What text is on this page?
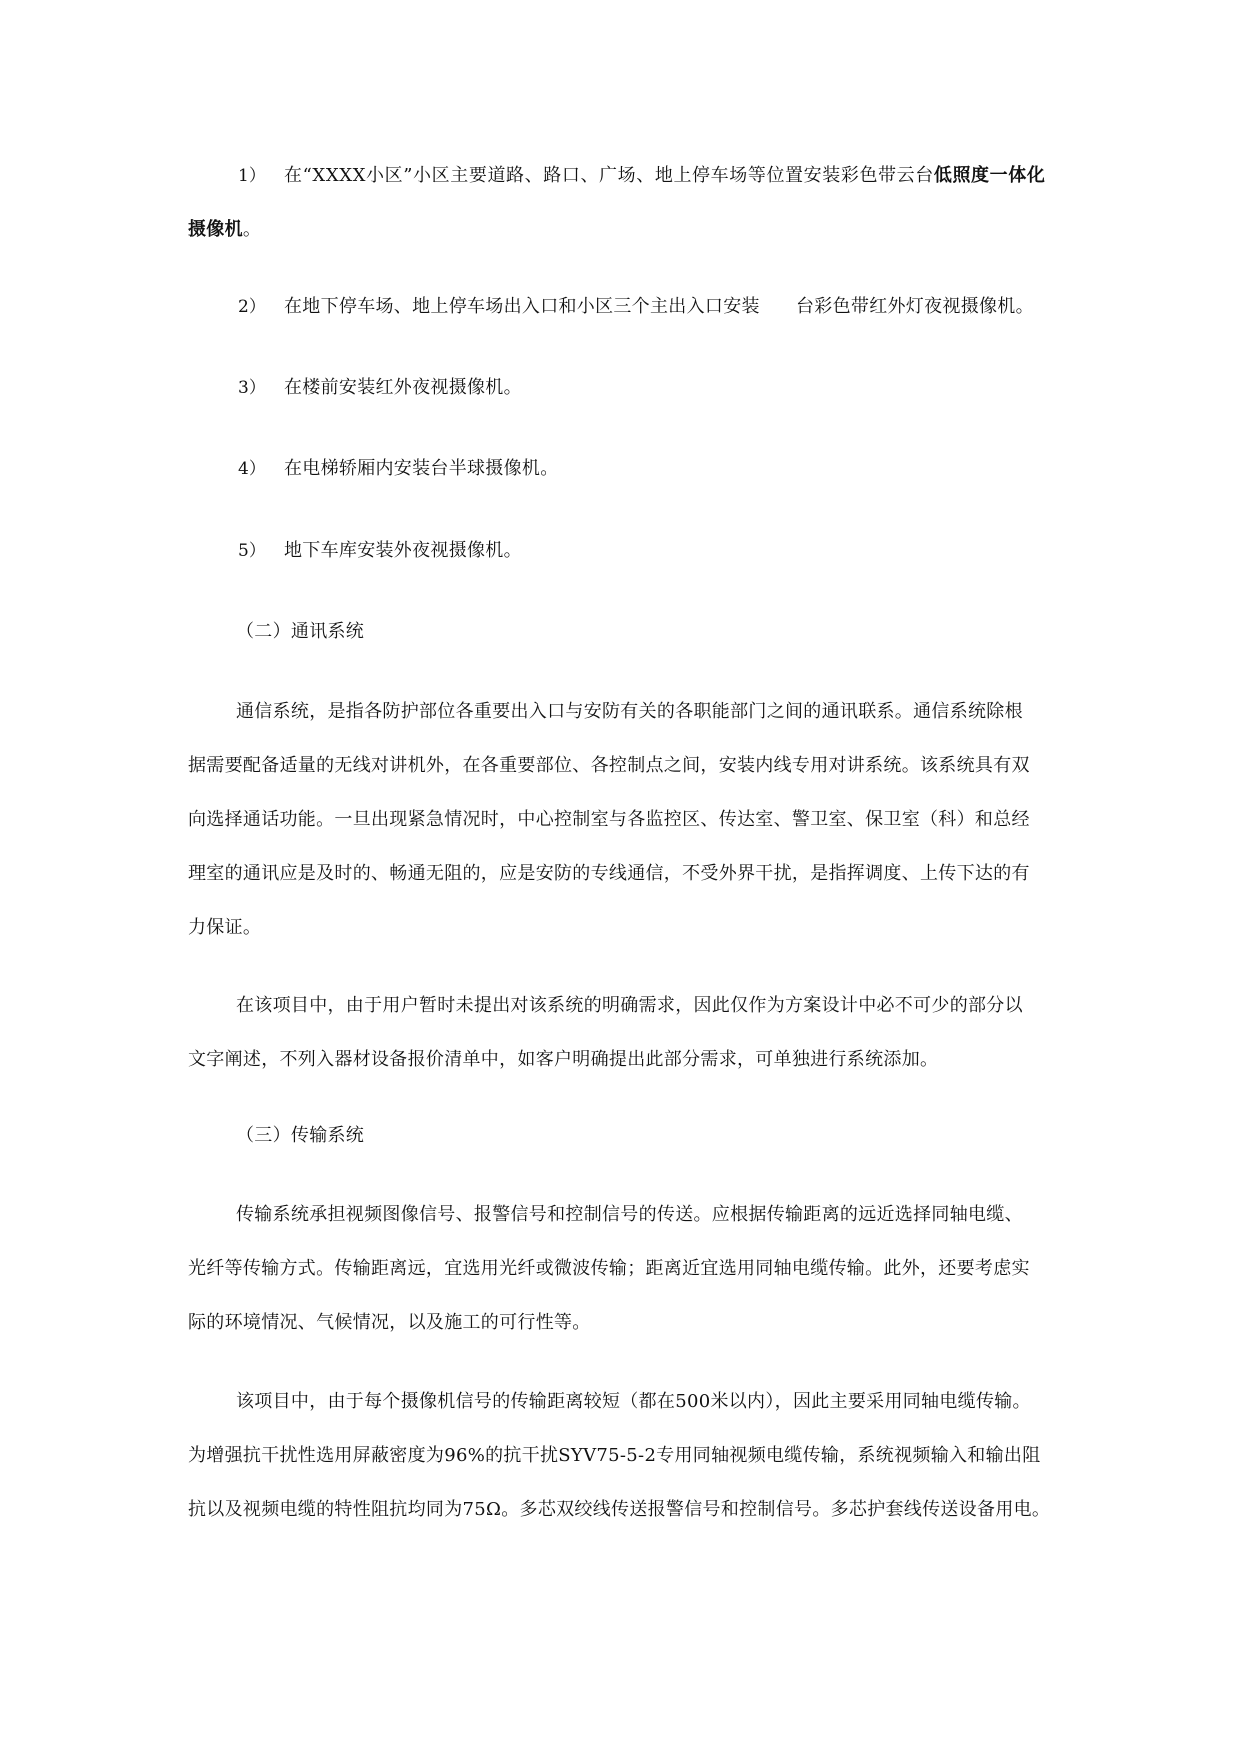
1） 在“XXXX小区”小区主要道路、路口、广场、地上停车场等位置安装彩色带云台低照度一体化
摄像机。
2） 在地下停车场、地上停车场出入口和小区三个主出入口安装 台彩色带红外灯夜视摄像机。
3） 在楼前安装红外夜视摄像机。
4） 在电梯轿厢内安装台半球摄像机。
5） 地下车库安装外夜视摄像机。
（二）通讯系统
通信系统，是指各防护部位各重要出入口与安防有关的各职能部门之间的通讯联系。通信系统除根
据需要配备适量的无线对讲机外，在各重要部位、各控制点之间，安装内线专用对讲系统。该系统具有双
向选择通话功能。一旦出现紧急情况时，中心控制室与各监控区、传达室、警卫室、保卫室（科）和总经
理室的通讯应是及时的、畅通无阻的，应是安防的专线通信，不受外界干扰，是指挥调度、上传下达的有
力保证。
在该项目中，由于用户暂时未提出对该系统的明确需求，因此仅作为方案设计中必不可少的部分以
文字阐述，不列入器材设备报价清单中，如客户明确提出此部分需求，可单独进行系统添加。
（三）传输系统
传输系统承担视频图像信号、报警信号和控制信号的传送。应根据传输距离的远近选择同轴电缆、
光纤等传输方式。传输距离远，宜选用光纤或微波传输；距离近宜选用同轴电缆传输。此外，还要考虑实
际的环境情况、气候情况，以及施工的可行性等。
该项目中，由于每个摄像机信号的传输距离较短（都在500米以内），因此主要采用同轴电缆传输。
为增强抗干扰性选用屏蔽密度为96%的抗干扰SYV75-5-2专用同轴视频电缆传输，系统视频输入和输出阻
抗以及视频电缆的特性阻抗均同为75Ω。多芯双绞线传送报警信号和控制信号。多芯护套线传送设备用电。
